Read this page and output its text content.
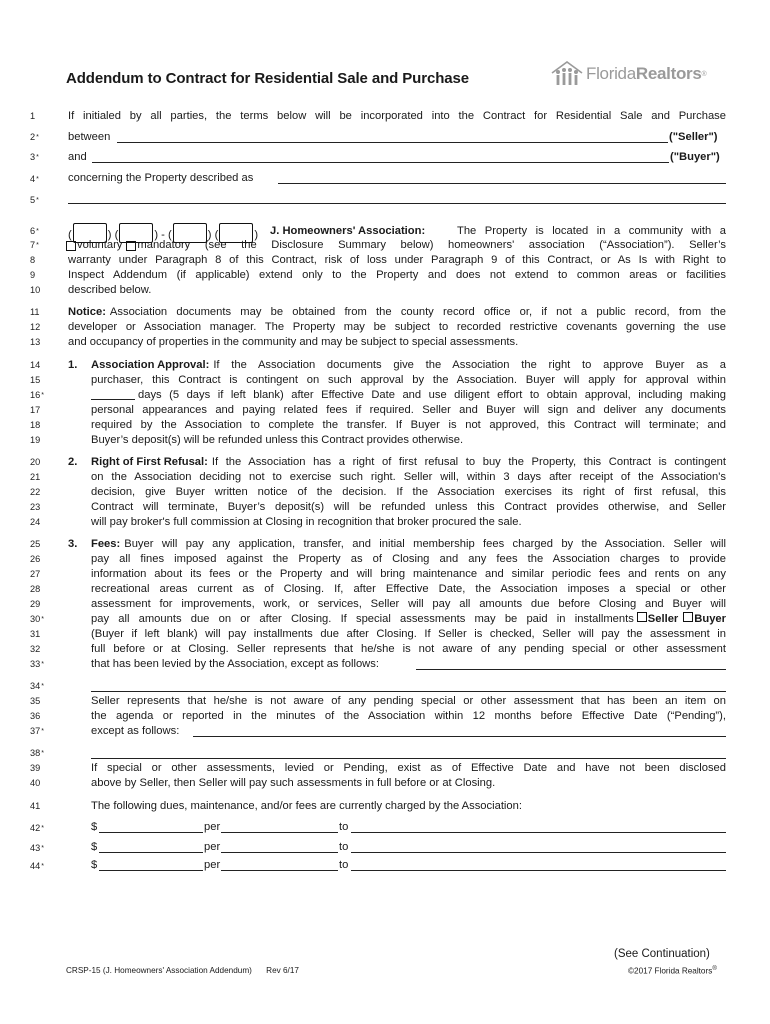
Addendum to Contract for Residential Sale and Purchase	Florida Realtors ®
1
2 *
3 *
4 *
5 *
6 *
7 *
8
9
10
11
12
13
14
15
16 *
17
18
19
20
21
22
23
24
25
26
27
28
29
30 *
31
32
33 *
34 *
35
36
37 *
38 *
39
40
41
42 *
43 *
44 *
If initialed by all parties, the terms below will be incorporated into the Contract for Residential Sale and Purchase
between	("Seller")
and	("Buyer")
concerning the Property described as
(	) (	) - (	) (	) J. Homeowners' Association:	The Property is located in a community with a
voluntary mandatory (see the Disclosure Summary below) homeowners' association (“Association”). Seller’s
warranty under Paragraph 8 of this Contract, risk of loss under Paragraph 9 of this Contract, or As Is with Right to
Inspect Addendum (if applicable) extend only to the Property and does not extend to common areas or facilities
described below.
Notice: Association documents may be obtained from the county record office or, if not a public record, from the
developer or Association manager. The Property may be subject to recorded restrictive covenants governing the use
and occupancy of properties in the community and may be subject to special assessments.
1. Association Approval: If the Association documents give the Association the right to approve Buyer as a
purchaser, this Contract is contingent on such approval by the Association. Buyer will apply for approval within
days (5 days if left blank) after Effective Date and use diligent effort to obtain approval, including making
personal appearances and paying related fees if required. Seller and Buyer will sign and deliver any documents
required by the Association to complete the transfer. If Buyer is not approved, this Contract will terminate; and
Buyer’s deposit(s) will be refunded unless this Contract provides otherwise.
2. Right of First Refusal: If the Association has a right of first refusal to buy the Property, this Contract is contingent
on the Association deciding not to exercise such right. Seller will, within 3 days after receipt of the Association's
decision, give Buyer written notice of the decision. If the Association exercises its right of first refusal, this
Contract will terminate, Buyer’s deposit(s) will be refunded unless this Contract provides otherwise, and Seller
will pay broker's full commission at Closing in recognition that broker procured the sale.
3. Fees: Buyer will pay any application, transfer, and initial membership fees charged by the Association. Seller will
pay all fines imposed against the Property as of Closing and any fees the Association charges to provide
information about its fees or the Property and will bring maintenance and similar periodic fees and rents on any
recreational areas current as of Closing. If, after Effective Date, the Association imposes a special or other
assessment for improvements, work, or services, Seller will pay all amounts due before Closing and Buyer will
pay all amounts due on or after Closing. If special assessments may be paid in installments Seller Buyer
(Buyer if left blank) will pay installments due after Closing. If Seller is checked, Seller will pay the assessment in
full before or at Closing. Seller represents that he/she is not aware of any pending special or other assessment
that has been levied by the Association, except as follows:
Seller represents that he/she is not aware of any pending special or other assessment that has been an item on
the agenda or reported in the minutes of the Association within 12 months before Effective Date (“Pending”),
except as follows:
If special or other assessments, levied or Pending, exist as of Effective Date and have not been disclosed
above by Seller, then Seller will pay such assessments in full before or at Closing.
The following dues, maintenance, and/or fees are currently charged by the Association:
$	per	to
$	per	to
$	per	to
(See Continuation)
CRSP-15 (J. Homeowners' Association Addendum) Rev 6/17	©2017 Florida Realtors®
